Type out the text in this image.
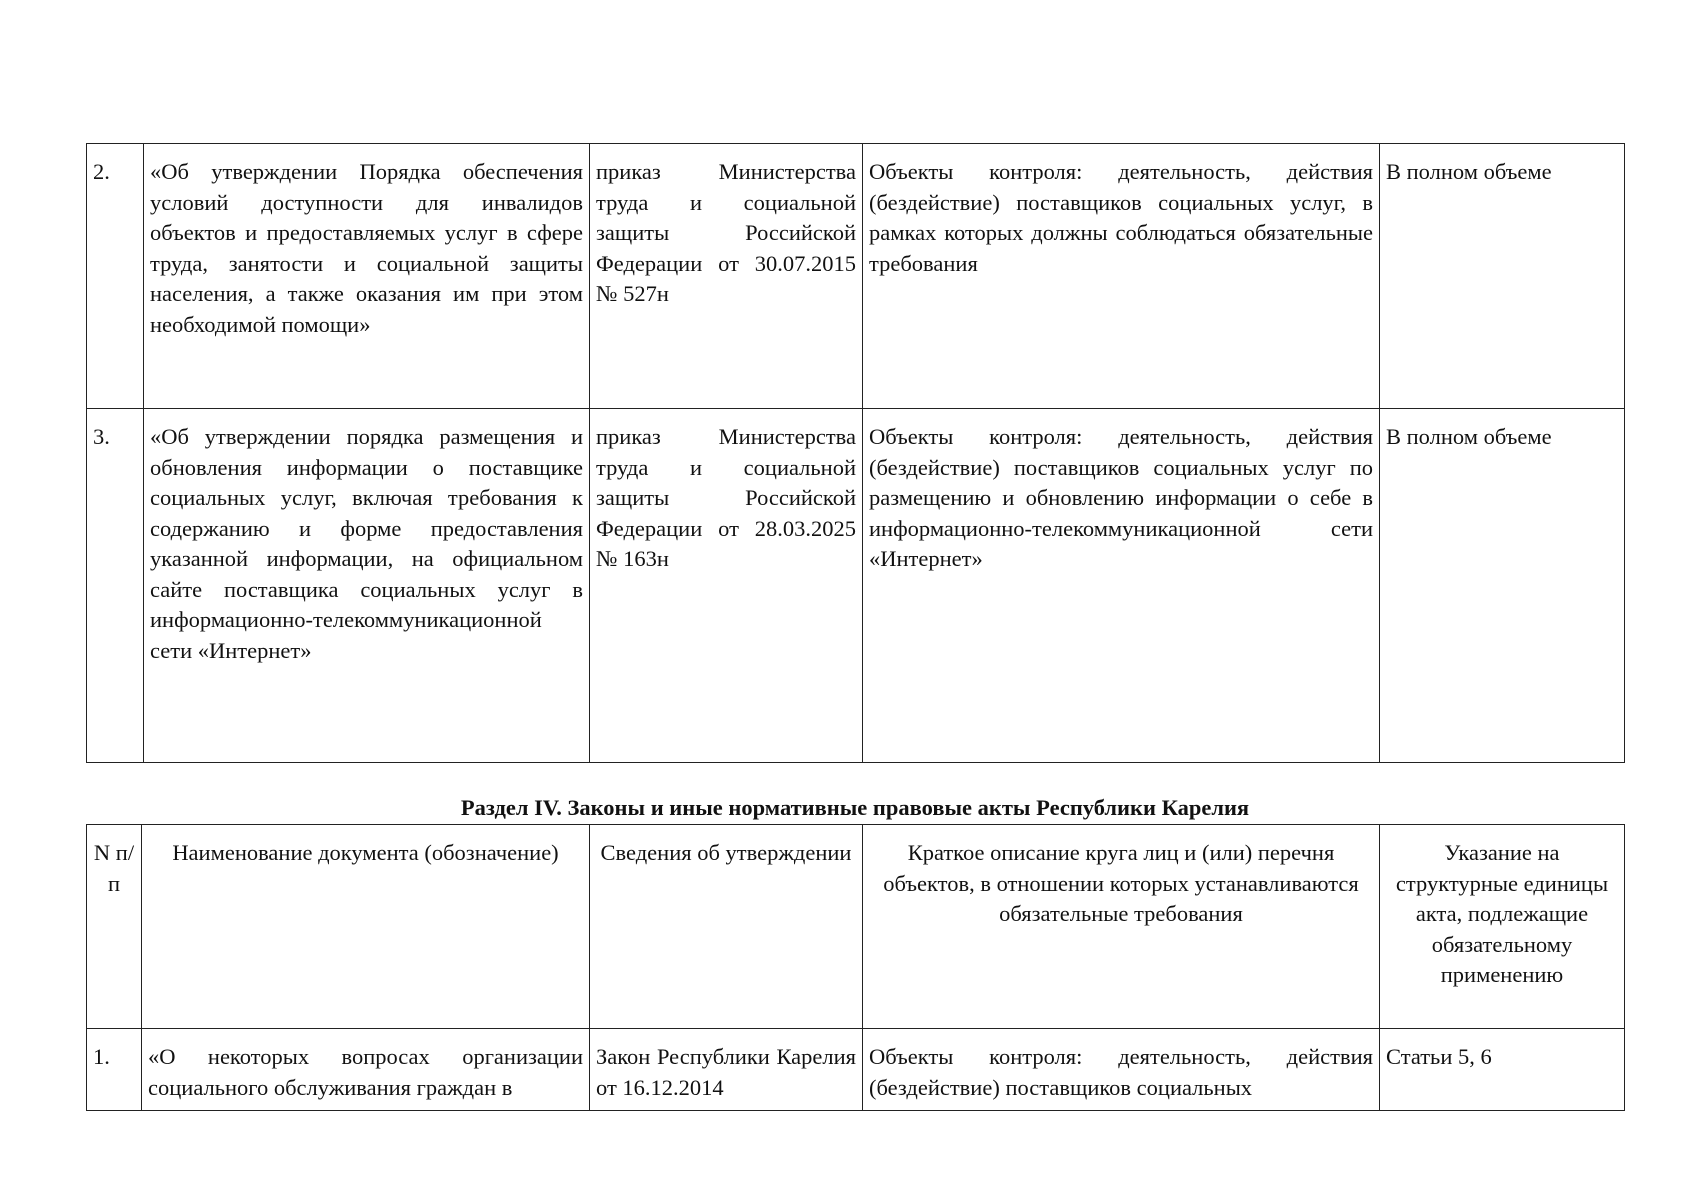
2.	«Об утверждении Порядка обеспечения условий доступности для инвалидов объектов и предоставляемых услуг в сфере труда, занятости и социальной защиты населения, а также оказания им при этом необходимой помощи»	приказ Министерства труда и социальной защиты Российской Федерации от 30.07.2015 № 527н	Объекты контроля: деятельность, действия (бездействие) поставщиков социальных услуг, в рамках которых должны соблюдаться обязательные требования	В полном объеме
3.	«Об утверждении порядка размещения и обновления информации о поставщике социальных услуг, включая требования к содержанию и форме предоставления указанной информации, на официальном сайте поставщика социальных услуг в информационно-телекоммуникационной сети «Интернет»	приказ Министерства труда и социальной защиты Российской Федерации от 28.03.2025 № 163н	Объекты контроля: деятельность, действия (бездействие) поставщиков социальных услуг по размещению и обновлению информации о себе в информационно-телекоммуникационной сети «Интернет»	В полном объеме
Раздел IV. Законы и иные нормативные правовые акты Республики Карелия
N п/п	Наименование документа (обозначение)	Сведения об утверждении	Краткое описание круга лиц и (или) перечня объектов, в отношении которых устанавливаются обязательные требования	Указание на структурные единицы акта, подлежащие обязательному применению
1.	«О некоторых вопросах организации социального обслуживания граждан в	Закон Республики Карелия от 16.12.2014	Объекты контроля: деятельность, действия (бездействие) поставщиков социальных	Статьи 5, 6
